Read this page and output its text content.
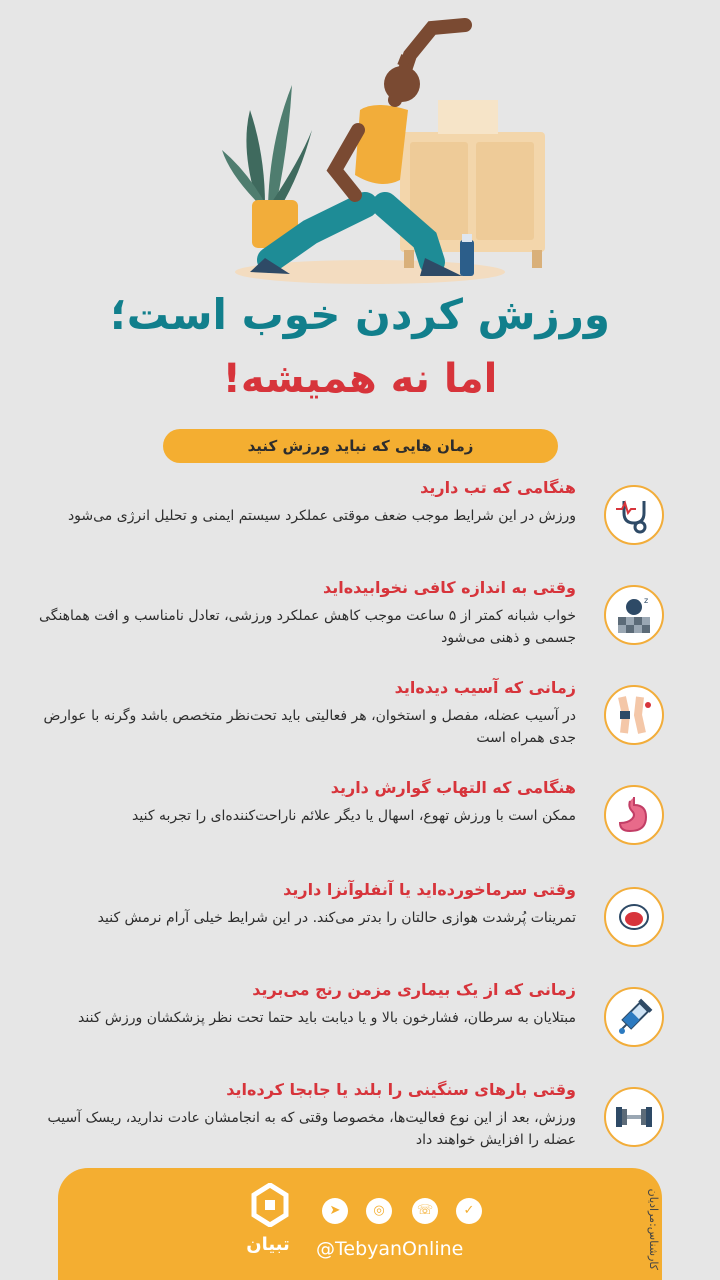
ورزش کردن خوب است؛
اما نه همیشه!
زمان هایی که نباید ورزش کنید

هنگامی که تب دارید

ورزش در این شرایط موجب ضعف موقتی عملکرد سیستم ایمنی و تحلیل انرژی می‌شود

z

وقتی به اندازه کافی نخوابیده‌اید

خواب شبانه کمتر از ۵ ساعت موجب کاهش عملکرد ورزشی، تعادل نامناسب و افت هماهنگی جسمی و ذهنی می‌شود

زمانی که آسیب دیده‌اید

در آسیب عضله، مفصل و استخوان، هر فعالیتی باید تحت‌نظر متخصص باشد وگرنه با عوارض جدی همراه است

هنگامی که التهاب گوارش دارید

ممکن است با ورزش تهوع، اسهال یا دیگر علائم ناراحت‌کننده‌ای را تجربه کنید

وقتی سرماخورده‌اید یا آنفلوآنزا دارید

تمرینات پُرشدت هوازی حالتان را بدتر می‌کند. در این شرایط خیلی آرام نرمش کنید

زمانی که از یک بیماری مزمن رنج می‌برید

مبتلایان به سرطان، فشارخون بالا و یا دیابت باید حتما تحت نظر پزشکشان ورزش کنند

وقتی بارهای سنگینی را بلند یا جابجا کرده‌اید

ورزش، بعد از این نوع فعالیت‌ها، مخصوصا وقتی که به انجامشان عادت ندارید، ریسک آسیب عضله را افزایش خواهند داد

تبیان
✓
☏
◎
➤
@TebyanOnline	کارشناس:مرادیان
